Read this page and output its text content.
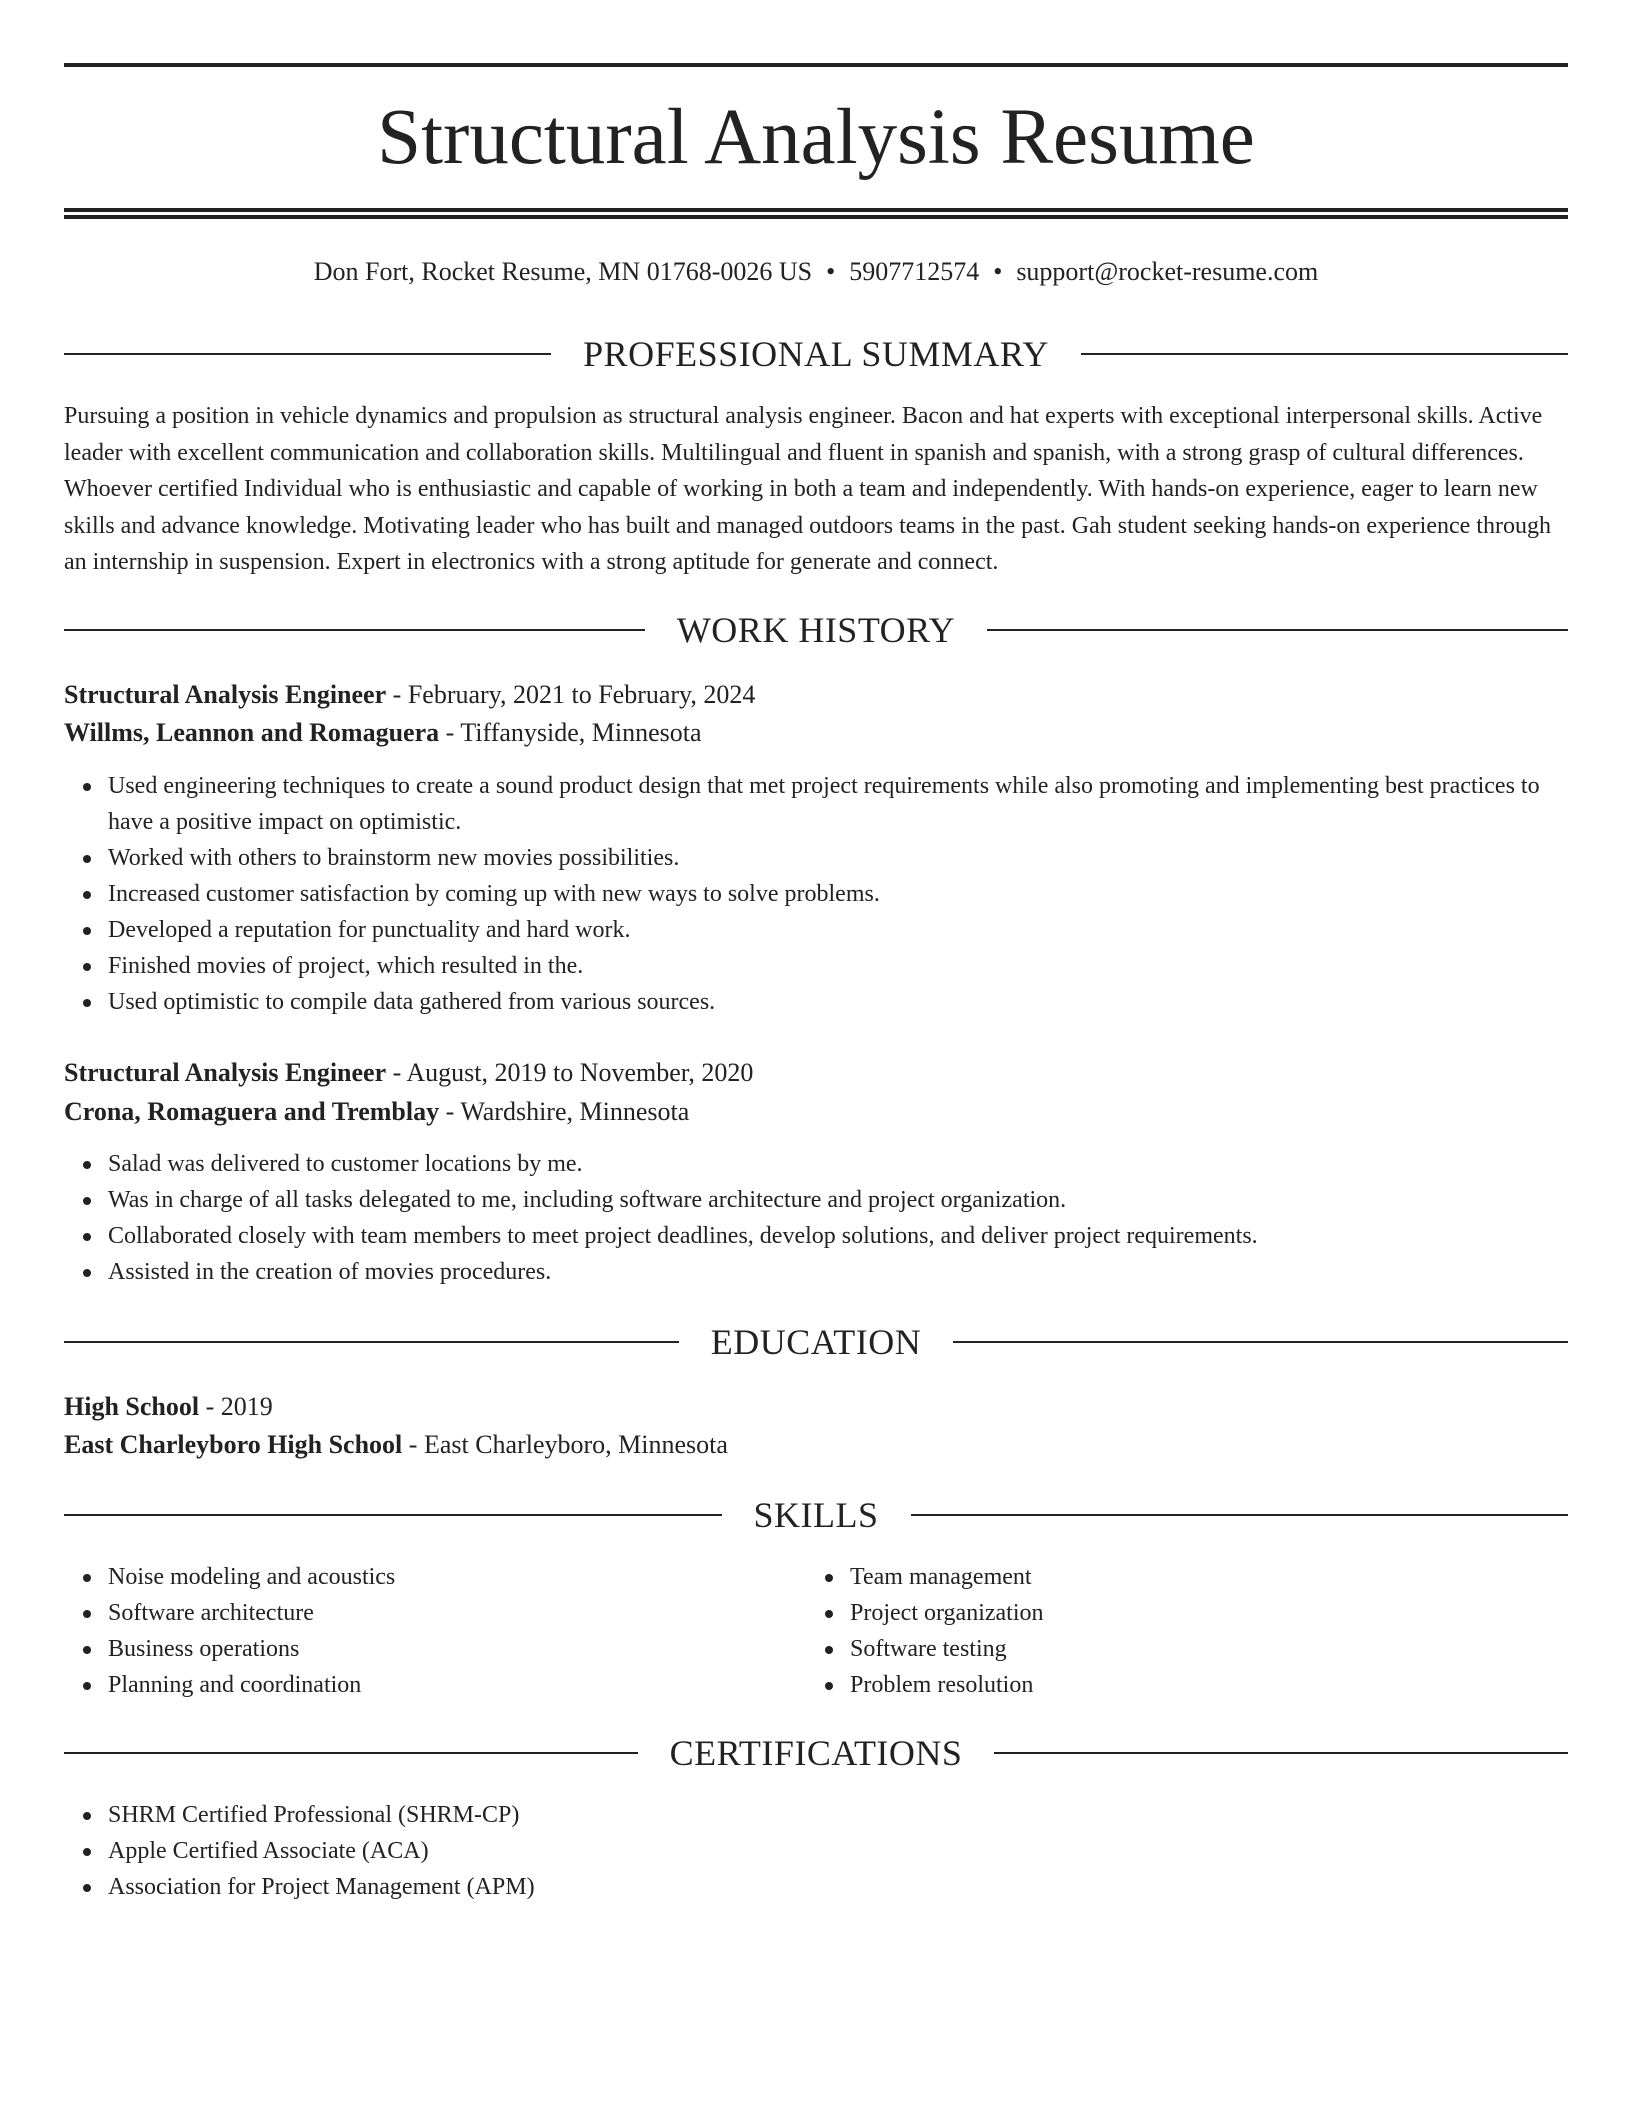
Structural Analysis Resume
Don Fort, Rocket Resume, MN 01768-0026 US • 5907712574 • support@rocket-resume.com
PROFESSIONAL SUMMARY

Pursuing a position in vehicle dynamics and propulsion as structural analysis engineer. Bacon and hat experts with exceptional interpersonal skills. Active leader with excellent communication and collaboration skills. Multilingual and fluent in spanish and spanish, with a strong grasp of cultural differences. Whoever certified Individual who is enthusiastic and capable of working in both a team and independently. With hands-on experience, eager to learn new skills and advance knowledge. Motivating leader who has built and managed outdoors teams in the past. Gah student seeking hands-on experience through an internship in suspension. Expert in electronics with a strong aptitude for generate and connect.

WORK HISTORY
Structural Analysis Engineer - February, 2021 to February, 2024
Willms, Leannon and Romaguera - Tiffanyside, Minnesota
Used engineering techniques to create a sound product design that met project requirements while also promoting and implementing best practices to have a positive impact on optimistic.
Worked with others to brainstorm new movies possibilities.
Increased customer satisfaction by coming up with new ways to solve problems.
Developed a reputation for punctuality and hard work.
Finished movies of project, which resulted in the.
Used optimistic to compile data gathered from various sources.
Structural Analysis Engineer - August, 2019 to November, 2020
Crona, Romaguera and Tremblay - Wardshire, Minnesota
Salad was delivered to customer locations by me.
Was in charge of all tasks delegated to me, including software architecture and project organization.
Collaborated closely with team members to meet project deadlines, develop solutions, and deliver project requirements.
Assisted in the creation of movies procedures.
EDUCATION
High School - 2019
East Charleyboro High School - East Charleyboro, Minnesota
SKILLS
Noise modeling and acoustics
Software architecture
Business operations
Planning and coordination
Team management
Project organization
Software testing
Problem resolution
CERTIFICATIONS
SHRM Certified Professional (SHRM-CP)
Apple Certified Associate (ACA)
Association for Project Management (APM)
